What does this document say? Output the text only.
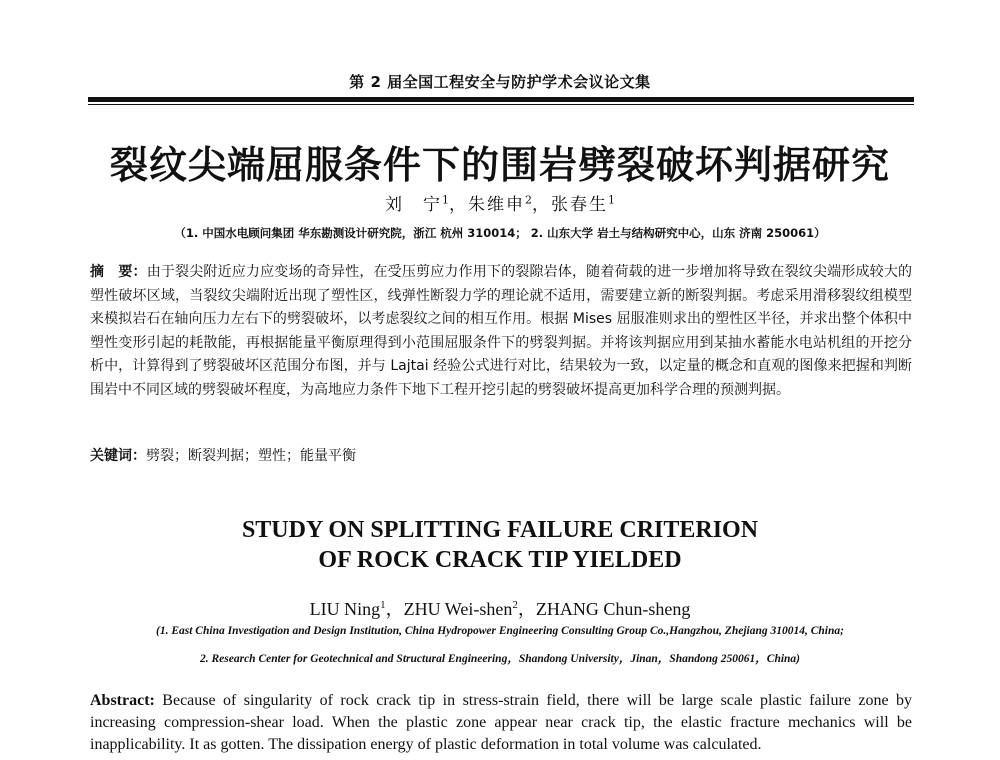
第 2 届全国工程安全与防护学术会议论文集
裂纹尖端屈服条件下的围岩劈裂破坏判据研究
刘　宁$^1$，朱维申$^2$，张春生$^1$
（1. 中国水电顾问集团 华东勘测设计研究院，浙江 杭州 310014； 2. 山东大学 岩土与结构研究中心，山东 济南 250061）
摘　要：由于裂尖附近应力应变场的奇异性，在受压剪应力作用下的裂隙岩体，随着荷载的进一步增加将导致在裂纹尖端形成较大的塑性破坏区域，当裂纹尖端附近出现了塑性区，线弹性断裂力学的理论就不适用，需要建立新的断裂判据。考虑采用滑移裂纹组模型来模拟岩石在轴向压力左右下的劈裂破坏，以考虑裂纹之间的相互作用。根据 Mises 屈服准则求出的塑性区半径，并求出整个体积中塑性变形引起的耗散能，再根据能量平衡原理得到小范围屈服条件下的劈裂判据。并将该判据应用到某抽水蓄能水电站机组的开挖分析中，计算得到了劈裂破坏区范围分布图，并与 Lajtai 经验公式进行对比，结果较为一致，以定量的概念和直观的图像来把握和判断围岩中不同区域的劈裂破坏程度，为高地应力条件下地下工程开挖引起的劈裂破坏提高更加科学合理的预测判据。
关键词：劈裂；断裂判据；塑性；能量平衡
STUDY ON SPLITTING FAILURE CRITERION
OF ROCK CRACK TIP YIELDED
LIU Ning$^1$，ZHU Wei-shen$^2$，ZHANG Chun-sheng
(1. East China Investigation and Design Institution, China Hydropower Engineering Consulting Group Co.,Hangzhou, Zhejiang 310014, China;
2. Research Center for Geotechnical and Structural Engineering，Shandong University，Jinan，Shandong 250061，China)
Abstract: Because of singularity of rock crack tip in stress-strain field, there will be large scale plastic failure zone by increasing compression-shear load. When the plastic zone appear near crack tip, the elastic fracture mechanics will be inapplicability. It as gotten. The dissipation energy of plastic deformation in total volume was calculated.
